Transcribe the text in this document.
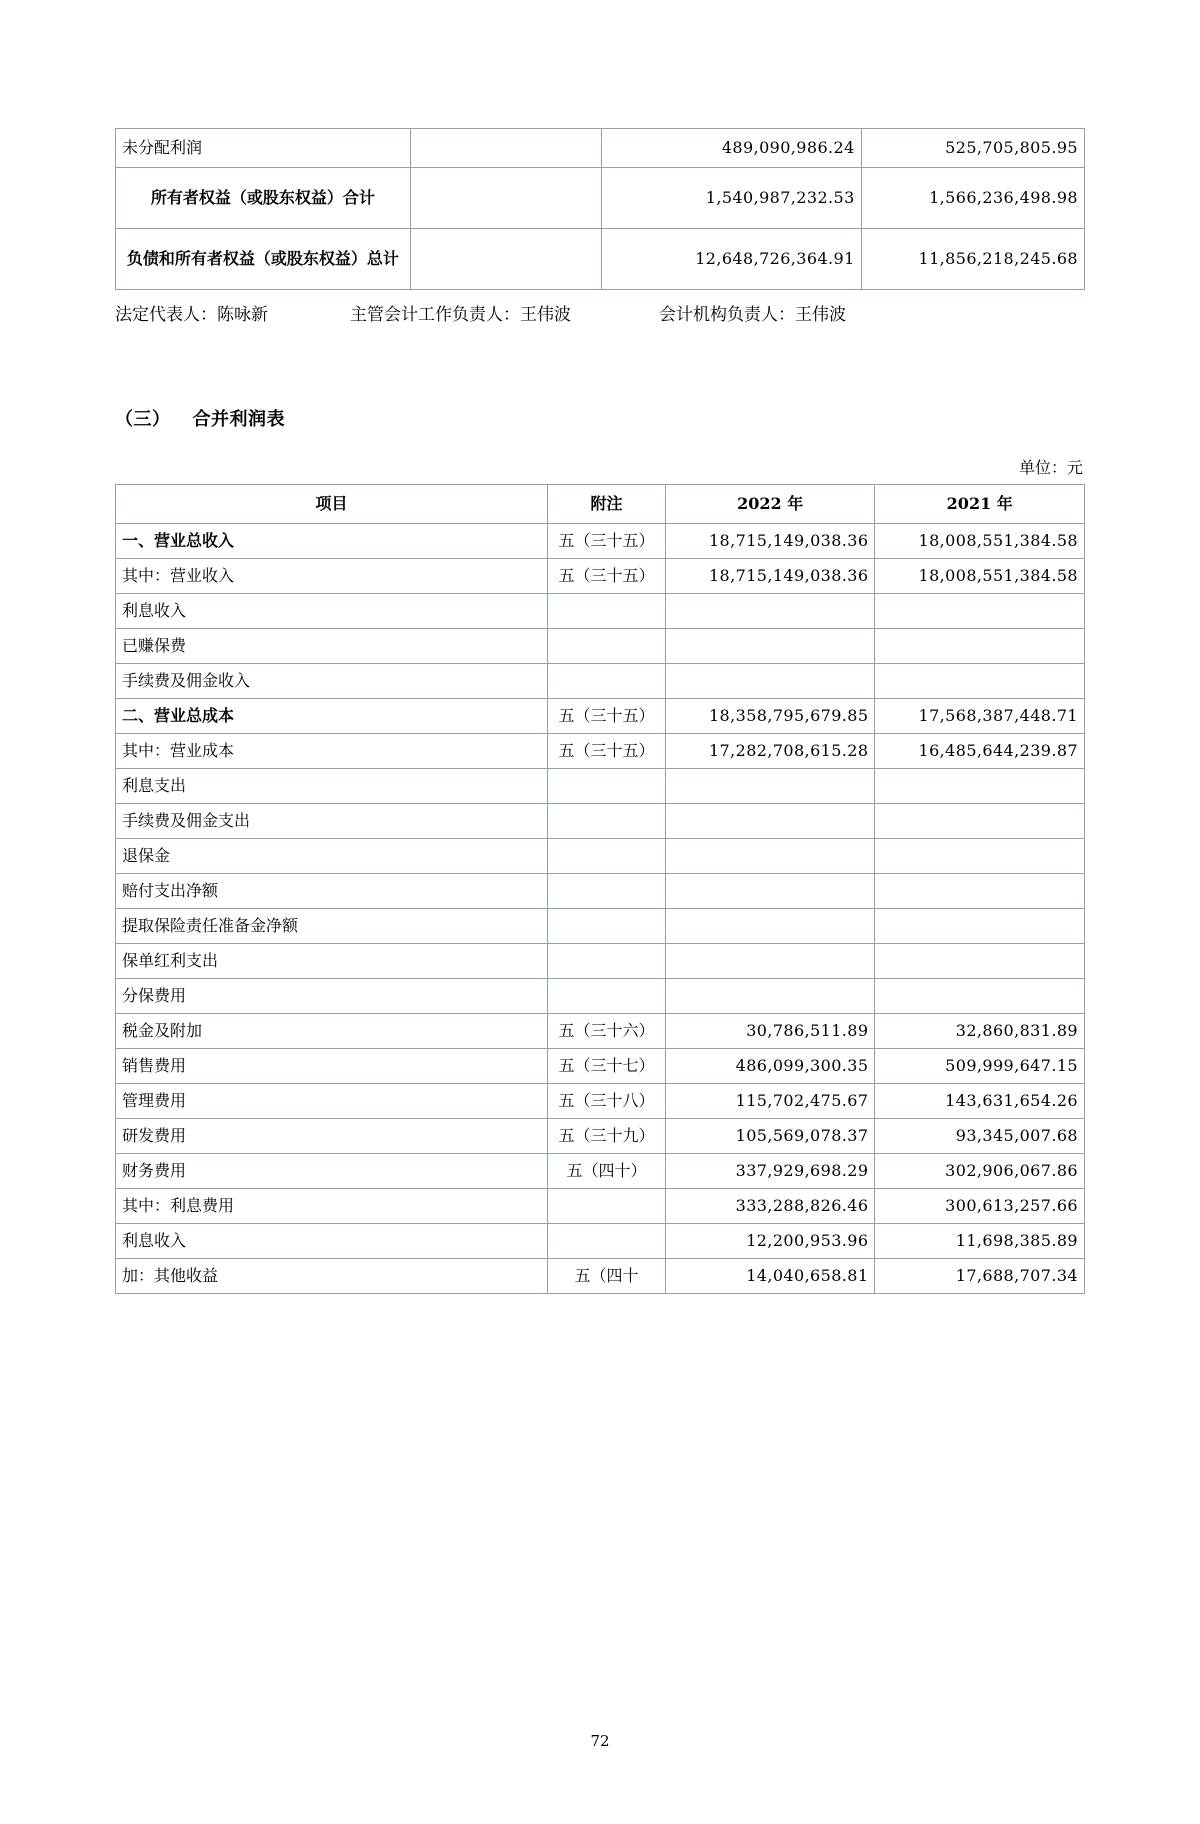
未分配利润		489,090,986.24	525,705,805.95
所有者权益（或股东权益）合计		1,540,987,232.53	1,566,236,498.98
负债和所有者权益（或股东权益）总计		12,648,726,364.91	11,856,218,245.68
法定代表人：陈咏新	主管会计工作负责人：王伟波	会计机构负责人：王伟波
（三） 合并利润表
单位：元
项目	附注	2022 年	2021 年
一、营业总收入	五（三十五）	18,715,149,038.36	18,008,551,384.58
其中：营业收入	五（三十五）	18,715,149,038.36	18,008,551,384.58
利息收入			
已赚保费			
手续费及佣金收入			
二、营业总成本	五（三十五）	18,358,795,679.85	17,568,387,448.71
其中：营业成本	五（三十五）	17,282,708,615.28	16,485,644,239.87
利息支出			
手续费及佣金支出			
退保金			
赔付支出净额			
提取保险责任准备金净额			
保单红利支出			
分保费用			
税金及附加	五（三十六）	30,786,511.89	32,860,831.89
销售费用	五（三十七）	486,099,300.35	509,999,647.15
管理费用	五（三十八）	115,702,475.67	143,631,654.26
研发费用	五（三十九）	105,569,078.37	93,345,007.68
财务费用	五（四十）	337,929,698.29	302,906,067.86
其中：利息费用		333,288,826.46	300,613,257.66
利息收入		12,200,953.96	11,698,385.89
加：其他收益	五（四十	14,040,658.81	17,688,707.34
72
